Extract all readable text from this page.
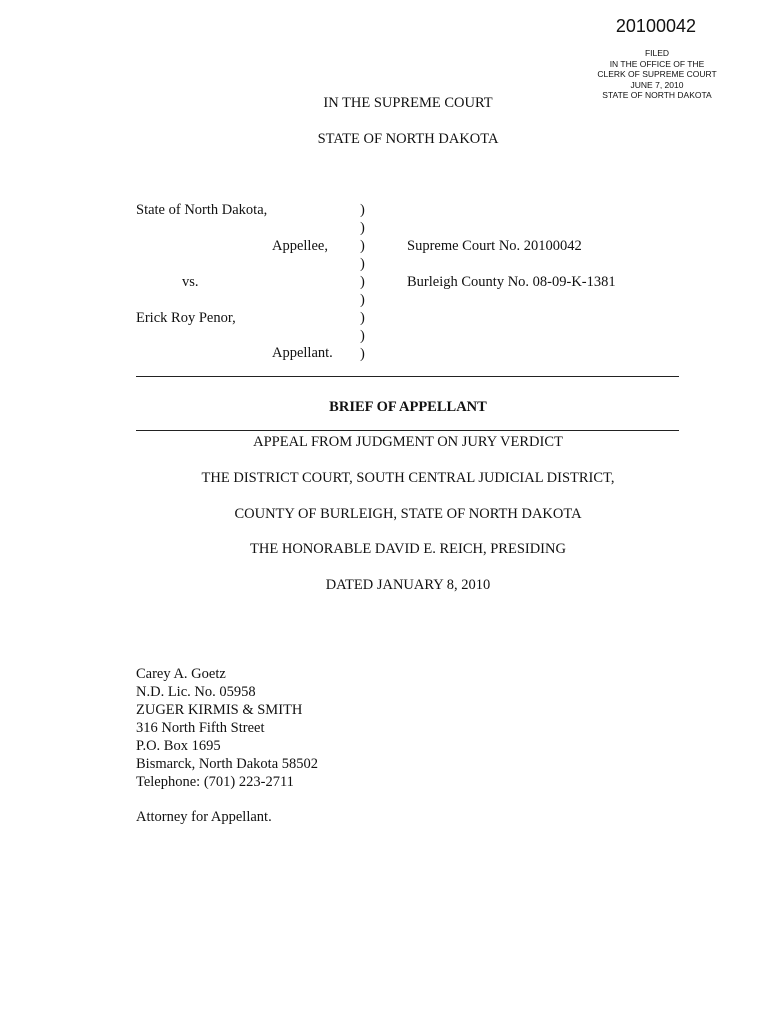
20100042
FILED
IN THE OFFICE OF THE
CLERK OF SUPREME COURT
JUNE 7, 2010
STATE OF NORTH DAKOTA
IN THE SUPREME COURT
STATE OF NORTH DAKOTA
State of North Dakota,
Appellee,
vs.
Erick Roy Penor,
Appellant.
)
)
)
)
)
)
)
)
)
Supreme Court No. 20100042
Burleigh County No. 08-09-K-1381
BRIEF OF APPELLANT
APPEAL FROM JUDGMENT ON JURY VERDICT
THE DISTRICT COURT, SOUTH CENTRAL JUDICIAL DISTRICT,
COUNTY OF BURLEIGH, STATE OF NORTH DAKOTA
THE HONORABLE DAVID E. REICH, PRESIDING
DATED JANUARY 8, 2010
Carey A. Goetz
N.D. Lic. No. 05958
ZUGER KIRMIS & SMITH
316 North Fifth Street
P.O. Box 1695
Bismarck, North Dakota 58502
Telephone: (701) 223-2711
Attorney for Appellant.
